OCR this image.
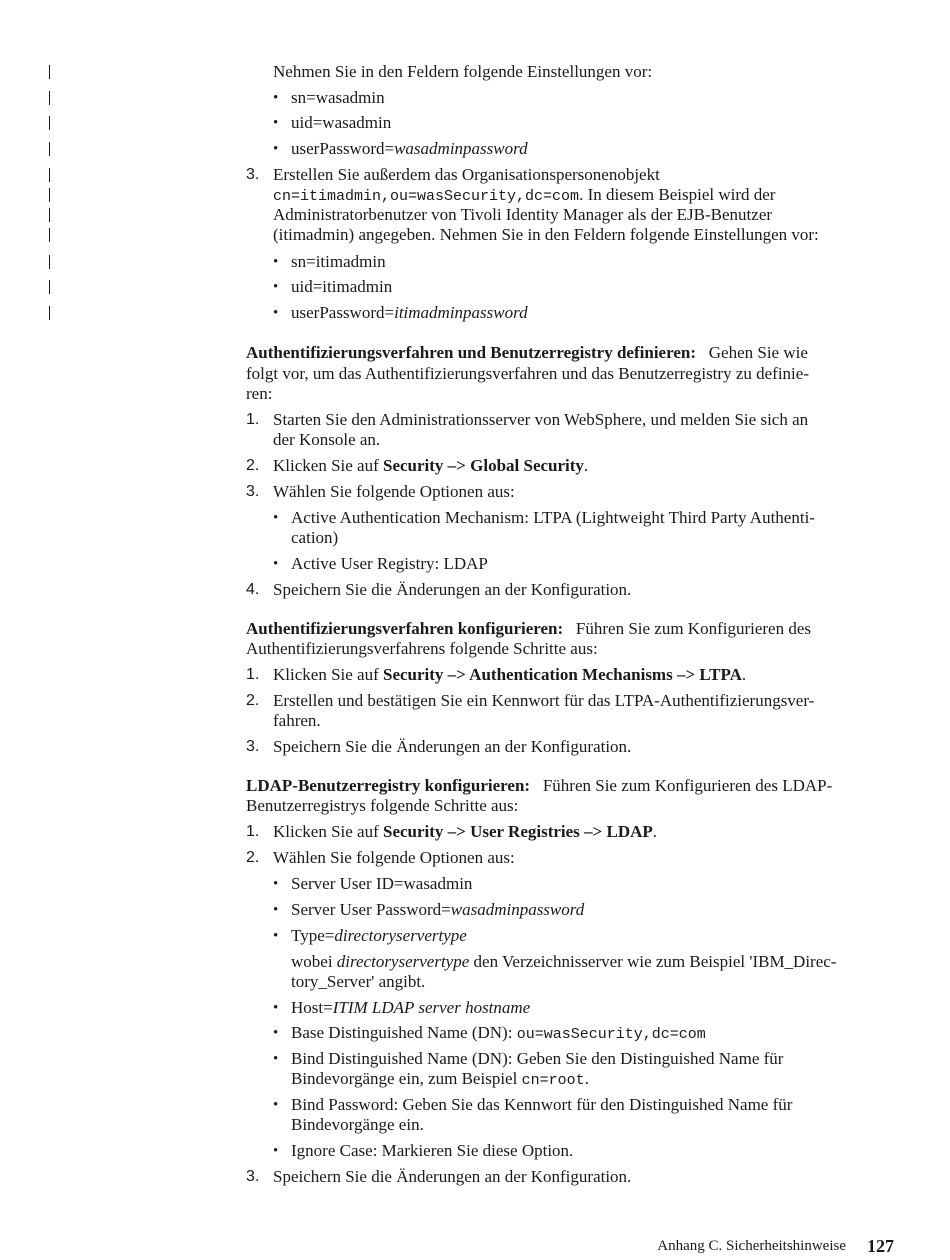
Nehmen Sie in den Feldern folgende Einstellungen vor:
• sn=wasadmin
• uid=wasadmin
• userPassword=wasadminpassword
3. Erstellen Sie außerdem das Organisationspersonenobjekt
cn=itimadmin,ou=wasSecurity,dc=com. In diesem Beispiel wird der
Administratorbenutzer von Tivoli Identity Manager als der EJB-Benutzer
(itimadmin) angegeben. Nehmen Sie in den Feldern folgende Einstellungen vor:
• sn=itimadmin
• uid=itimadmin
• userPassword=itimadminpassword
Authentifizierungsverfahren und Benutzerregistry definieren: Gehen Sie wie
folgt vor, um das Authentifizierungsverfahren und das Benutzerregistry zu definie-
ren:
1. Starten Sie den Administrationsserver von WebSphere, und melden Sie sich an
der Konsole an.
2. Klicken Sie auf Security –> Global Security.
3. Wählen Sie folgende Optionen aus:
• Active Authentication Mechanism: LTPA (Lightweight Third Party Authenti-
cation)
• Active User Registry: LDAP
4. Speichern Sie die Änderungen an der Konfiguration.
Authentifizierungsverfahren konfigurieren: Führen Sie zum Konfigurieren des
Authentifizierungsverfahrens folgende Schritte aus:
1. Klicken Sie auf Security –> Authentication Mechanisms –> LTPA.
2. Erstellen und bestätigen Sie ein Kennwort für das LTPA-Authentifizierungsver-
fahren.
3. Speichern Sie die Änderungen an der Konfiguration.
LDAP-Benutzerregistry konfigurieren: Führen Sie zum Konfigurieren des LDAP-
Benutzerregistrys folgende Schritte aus:
1. Klicken Sie auf Security –> User Registries –> LDAP.
2. Wählen Sie folgende Optionen aus:
• Server User ID=wasadmin
• Server User Password=wasadminpassword
• Type=directoryservertype
wobei directoryservertype den Verzeichnisserver wie zum Beispiel 'IBM_Direc-
tory_Server' angibt.
• Host=ITIM LDAP server hostname
• Base Distinguished Name (DN): ou=wasSecurity,dc=com
• Bind Distinguished Name (DN): Geben Sie den Distinguished Name für
Bindevorgänge ein, zum Beispiel cn=root.
• Bind Password: Geben Sie das Kennwort für den Distinguished Name für
Bindevorgänge ein.
• Ignore Case: Markieren Sie diese Option.
3. Speichern Sie die Änderungen an der Konfiguration.
Anhang C. Sicherheitshinweise 127
